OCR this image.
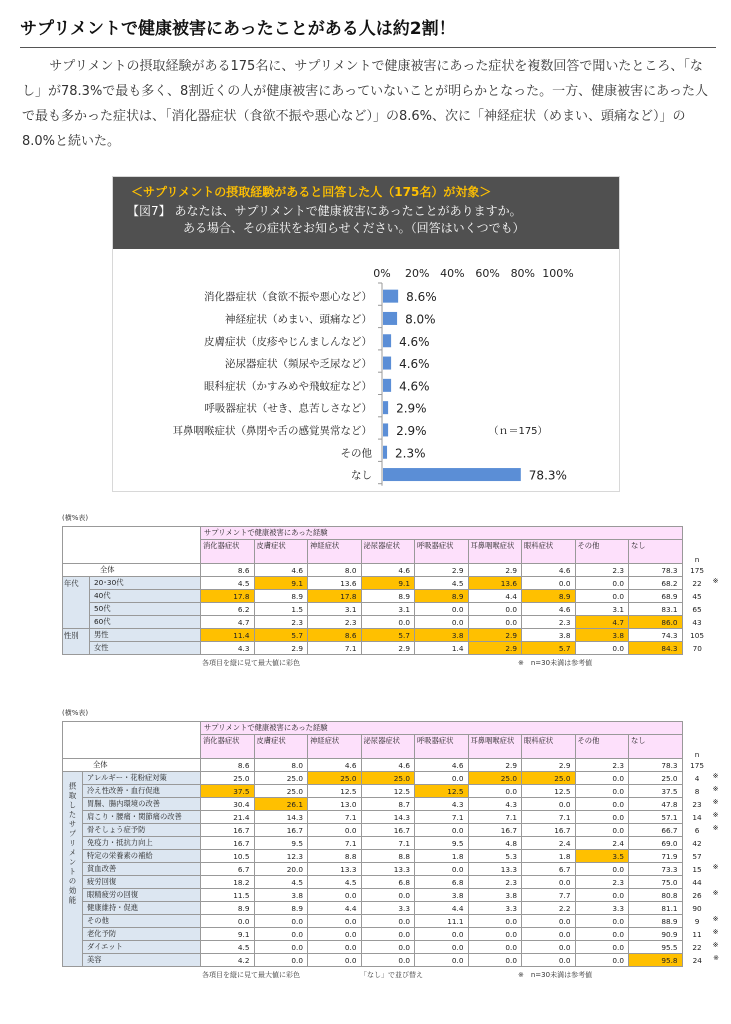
サプリメントで健康被害にあったことがある人は約2割！

サプリメントの摂取経験がある175名に、サプリメントで健康被害にあった症状を複数回答で聞いたところ、「なし」が78.3%で最も多く、8割近くの人が健康被害にあっていないことが明らかとなった。一方、健康被害にあった人で最も多かった症状は、「消化器症状（食欲不振や悪心など）」の8.6%、次に「神経症状（めまい、頭痛など）」の8.0%と続いた。

＜サプリメントの摂取経験があると回答した人（175名）が対象＞
【図7】 あなたは、サプリメントで健康被害にあったことがありますか。
ある場合、その症状をお知らせください。（回答はいくつでも）
0% 20% 40% 60% 80% 100%
消化器症状（食欲不振や悪心など）	8.6%
神経症状（めまい、頭痛など）	8.0%
皮膚症状（皮疹やじんましんなど） 4.6%
泌尿器症状（頻尿や乏尿など） 4.6%
眼科症状（かすみめや飛蚊症など） 4.6%
呼吸器症状（せき、息苦しさなど） 2.9%
耳鼻咽喉症状（鼻閉や舌の感覚異常など） 2.9%
その他 2.3%
なし	78.3%
（ｎ＝175）
(横%表)
		サプリメントで健康被害にあった経験									
		消化器症状	皮膚症状	神経症状	泌尿器症状	呼吸器症状	耳鼻咽喉症状	眼科症状	その他	なし	n
全体		8.6	4.6	8.0	4.6	2.9	2.9	4.6	2.3	78.3	175

年代	20･30代	4.5	9.1	13.6	9.1	4.5	13.6	0.0	0.0	68.2	22 ※

	40代	17.8	8.9	17.8	8.9	8.9	4.4	8.9	0.0	68.9	45
	50代	6.2	1.5	3.1	3.1	0.0	0.0	4.6	3.1	83.1	65
	60代	4.7	2.3	2.3	0.0	0.0	0.0	2.3	4.7	86.0	43

性別	男性	11.4	5.7	8.6	5.7	3.8	2.9	3.8	3.8	74.3	105
	女性	4.3	2.9	7.1	2.9	1.4	2.9	5.7	0.0	84.3	70
各項目を縦に見て最大値に彩色	※　n=30未満は参考値
(横%表)
		サプリメントで健康被害にあった経験									
		消化器症状	皮膚症状	神経症状	泌尿器症状	呼吸器症状	耳鼻咽喉症状	眼科症状	その他	なし	n
全体		8.6	8.0	4.6	4.6	4.6	2.9	2.9	2.3	78.3	175

摂取したサプリメントの効能	アレルギー・花粉症対策	25.0	25.0	25.0	25.0	0.0	25.0	25.0	0.0	25.0	4 ※

	冷え性改善・血行促進	37.5	25.0	12.5	12.5	12.5	0.0	12.5	0.0	37.5	8 ※

	胃腸、腸内環境の改善	30.4	26.1	13.0	8.7	4.3	4.3	0.0	0.0	47.8	23 ※

	肩こり・腰痛・関節痛の改善	21.4	14.3	7.1	14.3	7.1	7.1	7.1	0.0	57.1	14 ※

	骨そしょう症予防	16.7	16.7	0.0	16.7	0.0	16.7	16.7	0.0	66.7	6 ※

	免疫力・抵抗力向上	16.7	9.5	7.1	7.1	9.5	4.8	2.4	2.4	69.0	42
	特定の栄養素の補給	10.5	12.3	8.8	8.8	1.8	5.3	1.8	3.5	71.9	57
	貧血改善	6.7	20.0	13.3	13.3	0.0	13.3	6.7	0.0	73.3	15 ※

	疲労回復	18.2	4.5	4.5	6.8	6.8	2.3	0.0	2.3	75.0	44
	眼精疲労の回復	11.5	3.8	0.0	0.0	3.8	3.8	7.7	0.0	80.8	26 ※

	健康維持・促進	8.9	8.9	4.4	3.3	4.4	3.3	2.2	3.3	81.1	90
	その他	0.0	0.0	0.0	0.0	11.1	0.0	0.0	0.0	88.9	9 ※

	老化予防	9.1	0.0	0.0	0.0	0.0	0.0	0.0	0.0	90.9	11 ※

	ダイエット	4.5	0.0	0.0	0.0	0.0	0.0	0.0	0.0	95.5	22 ※

	美容	4.2	0.0	0.0	0.0	0.0	0.0	0.0	0.0	95.8	24 ※
各項目を縦に見て最大値に彩色	「なし」で並び替え	※　n=30未満は参考値
